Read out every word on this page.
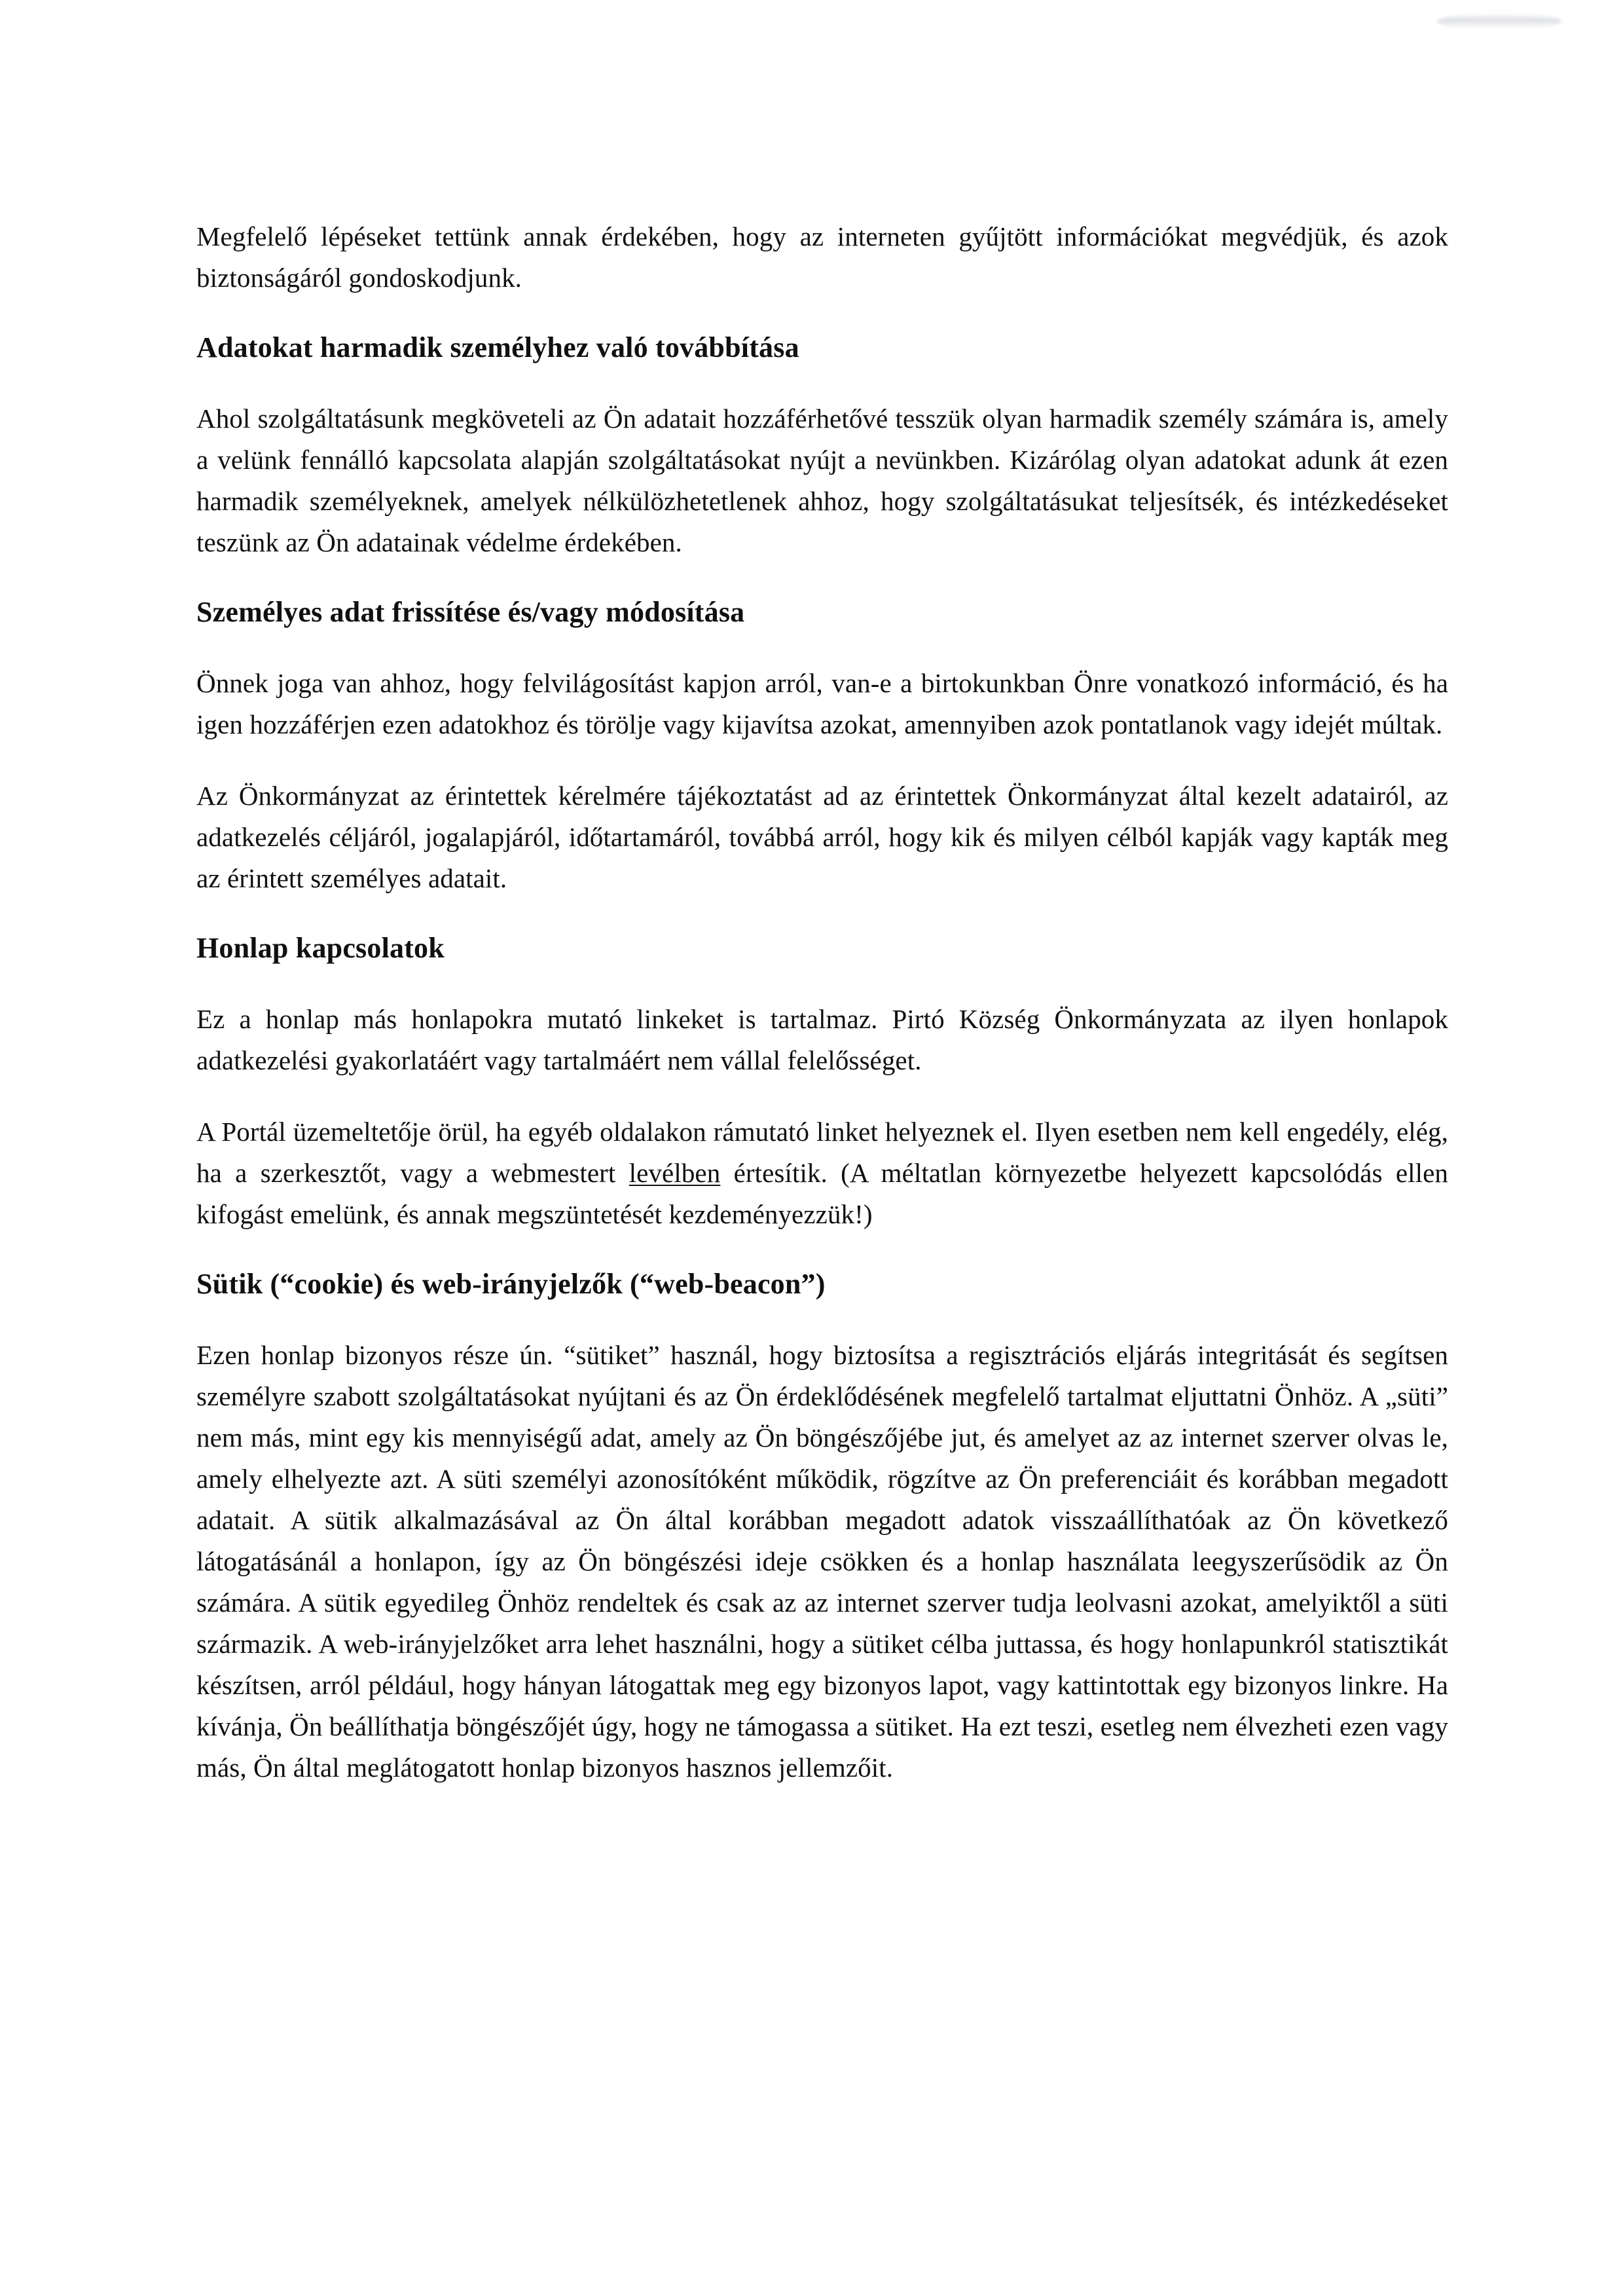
Megfelelő lépéseket tettünk annak érdekében, hogy az interneten gyűjtött információkat megvédjük, és azok biztonságáról gondoskodjunk.

Adatokat harmadik személyhez való továbbítása

Ahol szolgáltatásunk megköveteli az Ön adatait hozzáférhetővé tesszük olyan harmadik személy számára is, amely a velünk fennálló kapcsolata alapján szolgáltatásokat nyújt a nevünkben. Kizárólag olyan adatokat adunk át ezen harmadik személyeknek, amelyek nélkülözhetetlenek ahhoz, hogy szolgáltatásukat teljesítsék, és intézkedéseket teszünk az Ön adatainak védelme érdekében.

Személyes adat frissítése és/vagy módosítása

Önnek joga van ahhoz, hogy felvilágosítást kapjon arról, van-e a birtokunkban Önre vonatkozó információ, és ha igen hozzáférjen ezen adatokhoz és törölje vagy kijavítsa azokat, amennyiben azok pontatlanok vagy idejét múltak.

Az Önkormányzat az érintettek kérelmére tájékoztatást ad az érintettek Önkormányzat által kezelt adatairól, az adatkezelés céljáról, jogalapjáról, időtartamáról, továbbá arról, hogy kik és milyen célból kapják vagy kapták meg az érintett személyes adatait.

Honlap kapcsolatok

Ez a honlap más honlapokra mutató linkeket is tartalmaz. Pirtó Község Önkormányzata az ilyen honlapok adatkezelési gyakorlatáért vagy tartalmáért nem vállal felelősséget.

A Portál üzemeltetője örül, ha egyéb oldalakon rámutató linket helyeznek el. Ilyen esetben nem kell engedély, elég, ha a szerkesztőt, vagy a webmestert levélben értesítik. (A méltatlan környezetbe helyezett kapcsolódás ellen kifogást emelünk, és annak megszüntetését kezdeményezzük!)

Sütik (“cookie) és web-irányjelzők (“web-beacon”)

Ezen honlap bizonyos része ún. “sütiket” használ, hogy biztosítsa a regisztrációs eljárás integritását és segítsen személyre szabott szolgáltatásokat nyújtani és az Ön érdeklődésének megfelelő tartalmat eljuttatni Önhöz. A „süti” nem más, mint egy kis mennyiségű adat, amely az Ön böngészőjébe jut, és amelyet az az internet szerver olvas le, amely elhelyezte azt. A süti személyi azonosítóként működik, rögzítve az Ön preferenciáit és korábban megadott adatait. A sütik alkalmazásával az Ön által korábban megadott adatok visszaállíthatóak az Ön következő látogatásánál a honlapon, így az Ön böngészési ideje csökken és a honlap használata leegyszerűsödik az Ön számára. A sütik egyedileg Önhöz rendeltek és csak az az internet szerver tudja leolvasni azokat, amelyiktől a süti származik. A web-irányjelzőket arra lehet használni, hogy a sütiket célba juttassa, és hogy honlapunkról statisztikát készítsen, arról például, hogy hányan látogattak meg egy bizonyos lapot, vagy kattintottak egy bizonyos linkre. Ha kívánja, Ön beállíthatja böngészőjét úgy, hogy ne támogassa a sütiket. Ha ezt teszi, esetleg nem élvezheti ezen vagy más, Ön által meglátogatott honlap bizonyos hasznos jellemzőit.
